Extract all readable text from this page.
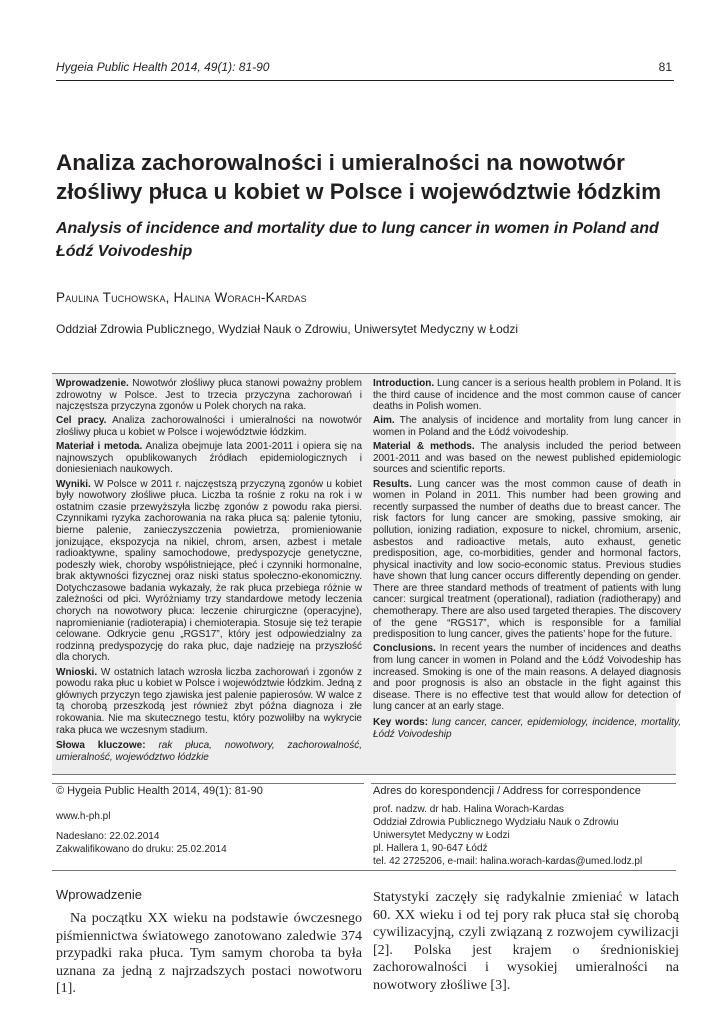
Hygeia Public Health 2014, 49(1): 81-90	81
Analiza zachorowalności i umieralności na nowotwór złośliwy płuca u kobiet w Polsce i województwie łódzkim
Analysis of incidence and mortality due to lung cancer in women in Poland and Łódź Voivodeship
Paulina Tuchowska, Halina Worach-Kardas
Oddział Zdrowia Publicznego, Wydział Nauk o Zdrowiu, Uniwersytet Medyczny w Łodzi

Wprowadzenie. Nowotwór złośliwy płuca stanowi poważny problem zdrowotny w Polsce. Jest to trzecia przyczyna zachorowań i najczęstsza przyczyna zgonów u Polek chorych na raka.

Cel pracy. Analiza zachorowalności i umieralności na nowotwór złośliwy płuca u kobiet w Polsce i województwie łódzkim.

Materiał i metoda. Analiza obejmuje lata 2001-2011 i opiera się na najnowszych opublikowanych źródłach epidemiologicznych i doniesieniach naukowych.

Wyniki. W Polsce w 2011 r. najczęstszą przyczyną zgonów u kobiet były nowotwory złośliwe płuca. Liczba ta rośnie z roku na rok i w ostatnim czasie przewyższyła liczbę zgonów z powodu raka piersi. Czynnikami ryzyka zachorowania na raka płuca są: palenie tytoniu, bierne palenie, zanieczyszczenia powietrza, promieniowanie jonizujące, ekspozycja na nikiel, chrom, arsen, azbest i metale radioaktywne, spaliny samochodowe, predyspozycje genetyczne, podeszły wiek, choroby współistniejące, płeć i czynniki hormonalne, brak aktywności fizycznej oraz niski status społeczno-ekonomiczny. Dotychczasowe badania wykazały, że rak płuca przebiega różnie w zależności od płci. Wyróżniamy trzy standardowe metody leczenia chorych na nowotwory płuca: leczenie chirurgiczne (operacyjne), napromienianie (radioterapia) i chemioterapia. Stosuje się też terapie celowane. Odkrycie genu „RGS17”, który jest odpowiedzialny za rodzinną predyspozycję do raka płuc, daje nadzieję na przyszłość dla chorych.

Wnioski. W ostatnich latach wzrosła liczba zachorowań i zgonów z powodu raka płuc u kobiet w Polsce i województwie łódzkim. Jedną z głównych przyczyn tego zjawiska jest palenie papierosów. W walce z tą chorobą przeszkodą jest również zbyt późna diagnoza i złe rokowania. Nie ma skutecznego testu, który pozwoliłby na wykrycie raka płuca we wczesnym stadium.

Słowa kluczowe: rak płuca, nowotwory, zachorowalność, umieralność, województwo łódzkie

Introduction. Lung cancer is a serious health problem in Poland. It is the third cause of incidence and the most common cause of cancer deaths in Polish women.

Aim. The analysis of incidence and mortality from lung cancer in women in Poland and the Łódź voivodeship.

Material & methods. The analysis included the period between 2001-2011 and was based on the newest published epidemiologic sources and scientific reports.

Results. Lung cancer was the most common cause of death in women in Poland in 2011. This number had been growing and recently surpassed the number of deaths due to breast cancer. The risk factors for lung cancer are smoking, passive smoking, air pollution, ionizing radiation, exposure to nickel, chromium, arsenic, asbestos and radioactive metals, auto exhaust, genetic predisposition, age, co-morbidities, gender and hormonal factors, physical inactivity and low socio-economic status. Previous studies have shown that lung cancer occurs differently depending on gender. There are three standard methods of treatment of patients with lung cancer: surgical treatment (operational), radiation (radiotherapy) and chemotherapy. There are also used targeted therapies. The discovery of the gene “RGS17”, which is responsible for a familial predisposition to lung cancer, gives the patients’ hope for the future.

Conclusions. In recent years the number of incidences and deaths from lung cancer in women in Poland and the Łódź Voivodeship has increased. Smoking is one of the main reasons. A delayed diagnosis and poor prognosis is also an obstacle in the fight against this disease. There is no effective test that would allow for detection of lung cancer at an early stage.

Key words: lung cancer, cancer, epidemiology, incidence, mortality, Łódź Voivodeship

© Hygeia Public Health 2014, 49(1): 81-90
www.h-ph.pl
Nadesłano: 22.02.2014
Zakwalifikowano do druku: 25.02.2014
Adres do korespondencji / Address for correspondence
prof. nadzw. dr hab. Halina Worach-Kardas
Oddział Zdrowia Publicznego Wydziału Nauk o Zdrowiu
Uniwersytet Medyczny w Łodzi
pl. Hallera 1, 90-647 Łódź
tel. 42 2725206, e-mail: halina.worach-kardas@umed.lodz.pl
Wprowadzenie
Na początku XX wieku na podstawie ówczesnego piśmiennictwa światowego zanotowano zaledwie 374 przypadki raka płuca. Tym samym choroba ta była uznana za jedną z najrzadszych postaci nowotworu [1].
Statystyki zaczęły się radykalnie zmieniać w latach 60. XX wieku i od tej pory rak płuca stał się chorobą cywilizacyjną, czyli związaną z rozwojem cywilizacji [2]. Polska jest krajem o średnioniskiej zachorowalności i wysokiej umieralności na nowotwory złośliwe [3].
